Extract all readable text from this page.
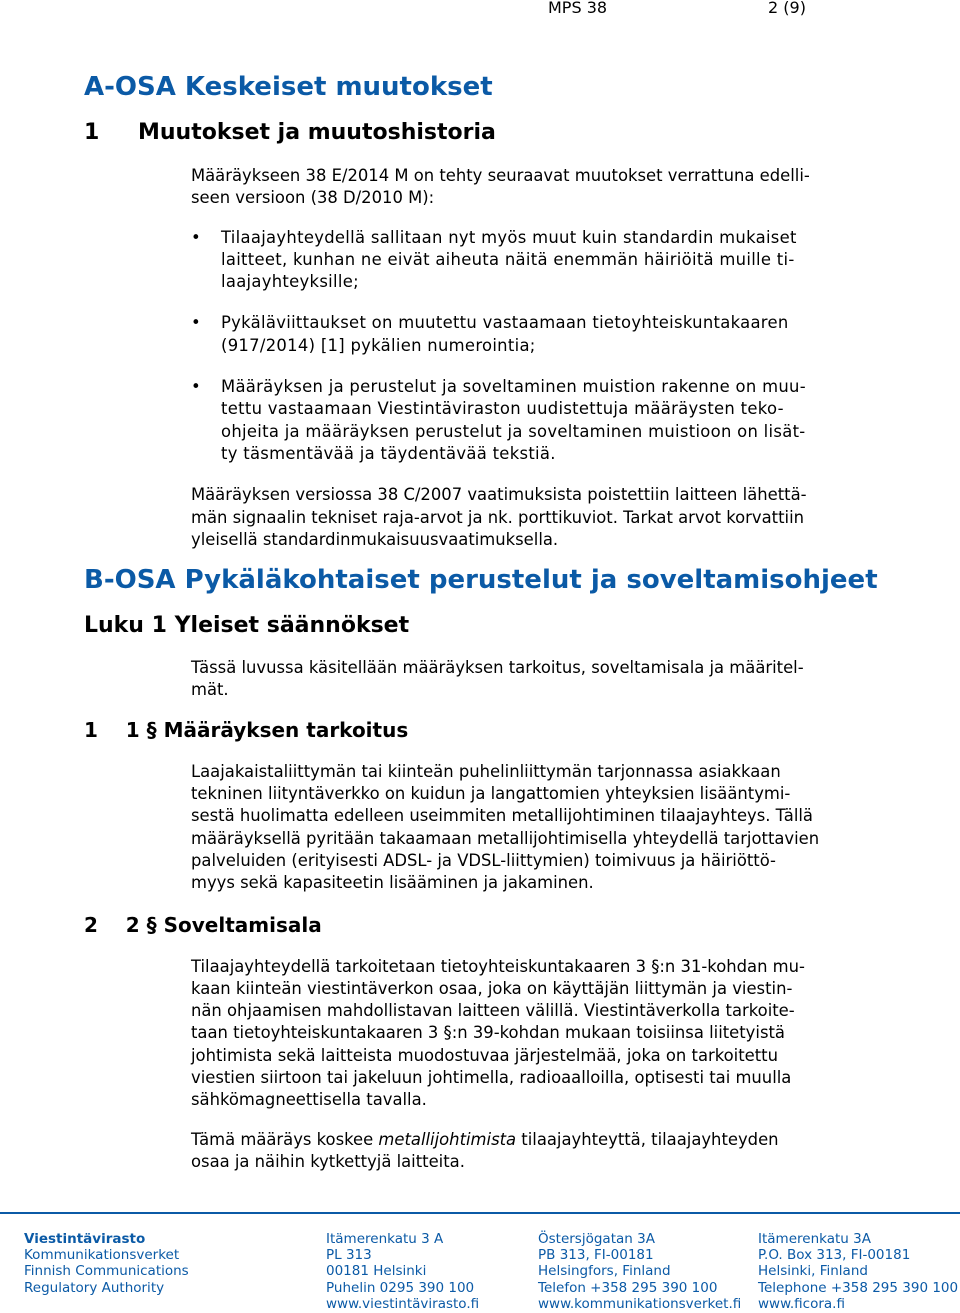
MPS 38	2 (9)
A-OSA Keskeiset muutokset
1 Muutokset ja muutoshistoria
Määräykseen 38 E/2014 M on tehty seuraavat muutokset verrattuna edelli-
seen versioon (38 D/2010 M):
• Tilaajayhteydellä sallitaan nyt myös muut kuin standardin mukaiset
laitteet, kunhan ne eivät aiheuta näitä enemmän häiriöitä muille ti-
laajayhteyksille;
• Pykäläviittaukset on muutettu vastaamaan tietoyhteiskuntakaaren
(917/2014) [1] pykälien numerointia;
• Määräyksen ja perustelut ja soveltaminen muistion rakenne on muu-
tettu vastaamaan Viestintäviraston uudistettuja määräysten teko-
ohjeita ja määräyksen perustelut ja soveltaminen muistioon on lisät-
ty täsmentävää ja täydentävää tekstiä.
Määräyksen versiossa 38 C/2007 vaatimuksista poistettiin laitteen lähettä-
män signaalin tekniset raja-arvot ja nk. porttikuviot. Tarkat arvot korvattiin
yleisellä standardinmukaisuusvaatimuksella.
B-OSA Pykäläkohtaiset perustelut ja soveltamisohjeet
Luku 1 Yleiset säännökset
Tässä luvussa käsitellään määräyksen tarkoitus, soveltamisala ja määritel-
mät.
1    1 § Määräyksen tarkoitus
Laajakaistaliittymän tai kiinteän puhelinliittymän tarjonnassa asiakkaan
tekninen liityntäverkko on kuidun ja langattomien yhteyksien lisääntymi-
sestä huolimatta edelleen useimmiten metallijohtiminen tilaajayhteys. Tällä
määräyksellä pyritään takaamaan metallijohtimisella yhteydellä tarjottavien
palveluiden (erityisesti ADSL- ja VDSL-liittymien) toimivuus ja häiriöttö-
myys sekä kapasiteetin lisääminen ja jakaminen.
2    2 § Soveltamisala
Tilaajayhteydellä tarkoitetaan tietoyhteiskuntakaaren 3 §:n 31-kohdan mu-
kaan kiinteän viestintäverkon osaa, joka on käyttäjän liittymän ja viestin-
nän ohjaamisen mahdollistavan laitteen välillä. Viestintäverkolla tarkoite-
taan tietoyhteiskuntakaaren 3 §:n 39-kohdan mukaan toisiinsa liitetyistä
johtimista sekä laitteista muodostuvaa järjestelmää, joka on tarkoitettu
viestien siirtoon tai jakeluun johtimella, radioaalloilla, optisesti tai muulla
sähkömagneettisella tavalla.
Tämä määräys koskee metallijohtimista tilaajayhteyttä, tilaajayhteyden
osaa ja näihin kytkettyjä laitteita.
Viestintävirasto
Kommunikationsverket
Finnish Communications
Regulatory Authority
Itämerenkatu 3 A
PL 313
00181 Helsinki
Puhelin 0295 390 100
www.viestintävirasto.fi
Östersjögatan 3A
PB 313, FI-00181
Helsingfors, Finland
Telefon +358 295 390 100
www.kommunikationsverket.fi
Itämerenkatu 3A
P.O. Box 313, FI-00181
Helsinki, Finland
Telephone +358 295 390 100
www.ficora.fi
